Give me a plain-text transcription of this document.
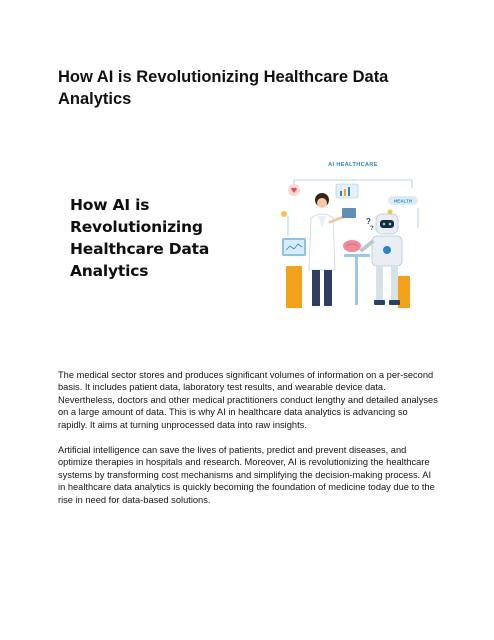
How AI is Revolutionizing Healthcare Data Analytics
How AI is Revolutionizing Healthcare Data Analytics
AI HEALTHCARE
HEALTH
?
?

The medical sector stores and produces significant volumes of information on a per-second basis. It includes patient data, laboratory test results, and wearable device data. Nevertheless, doctors and other medical practitioners conduct lengthy and detailed analyses on a large amount of data. This is why AI in healthcare data analytics is advancing so rapidly. It aims at turning unprocessed data into raw insights.

Artificial intelligence can save the lives of patients, predict and prevent diseases, and optimize therapies in hospitals and research. Moreover, AI is revolutionizing the healthcare systems by transforming cost mechanisms and simplifying the decision-making process. AI in healthcare data analytics is quickly becoming the foundation of medicine today due to the rise in need for data-based solutions.
